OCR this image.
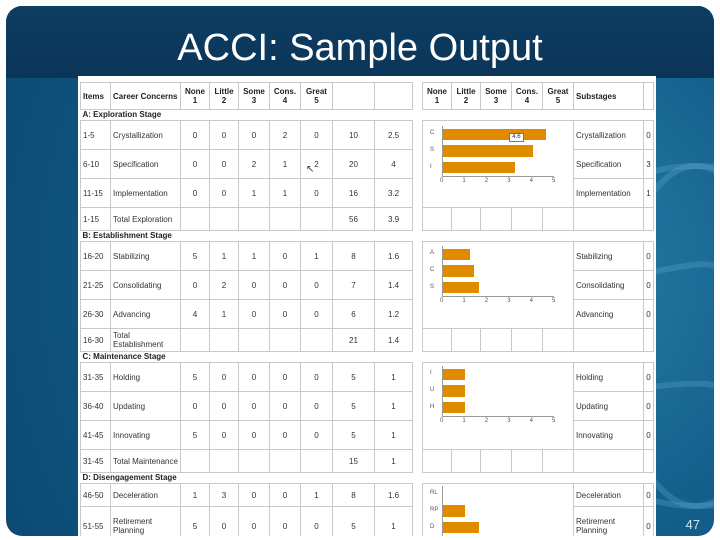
ACCI: Sample Output
Items	Career Concerns	None 1	Little 2	Some 3	Cons. 4	Great 5		
A: Exploration Stage								
1-5	Crystallization	0	0	0	2	0	10	2.5
6-10	Specification	0	0	2	1	2	20	4
11-15	Implementation	0	0	1	1	0	16	3.2
1-15	Total Exploration						56	3.9
B: Establishment Stage								
16-20	Stabilizing	5	1	1	0	1	8	1.6
21-25	Consolidating	0	2	0	0	0	7	1.4
26-30	Advancing	4	1	0	0	0	6	1.2
16-30	Total Establishment						21	1.4
C: Maintenance Stage								
31-35	Holding	5	0	0	0	0	5	1
36-40	Updating	0	0	0	0	0	5	1
41-45	Innovating	5	0	0	0	0	5	1
31-45	Total Maintenance						15	1
D: Disengagement Stage								
46-50	Deceleration	1	3	0	0	1	8	1.6
51-55	Retirement Planning	5	0	0	0	0	5	1
None 1	Little 2	Some 3	Cons. 4	Great 5	Substages	

					Crystallization	0
					Specification	3
					Implementation	1

					Stabilizing	0
					Consolidating	0
					Advancing	0

					Holding	0
					Updating	0
					Innovating	0

					Deceleration	0
					Retirement Planning	0
0	1	2	3	4	5
C
S
I
4.6
0	1	2	3	4	5
A
C
S
0	1	2	3	4	5
I
U
H
RL
RP
D
↖
47
